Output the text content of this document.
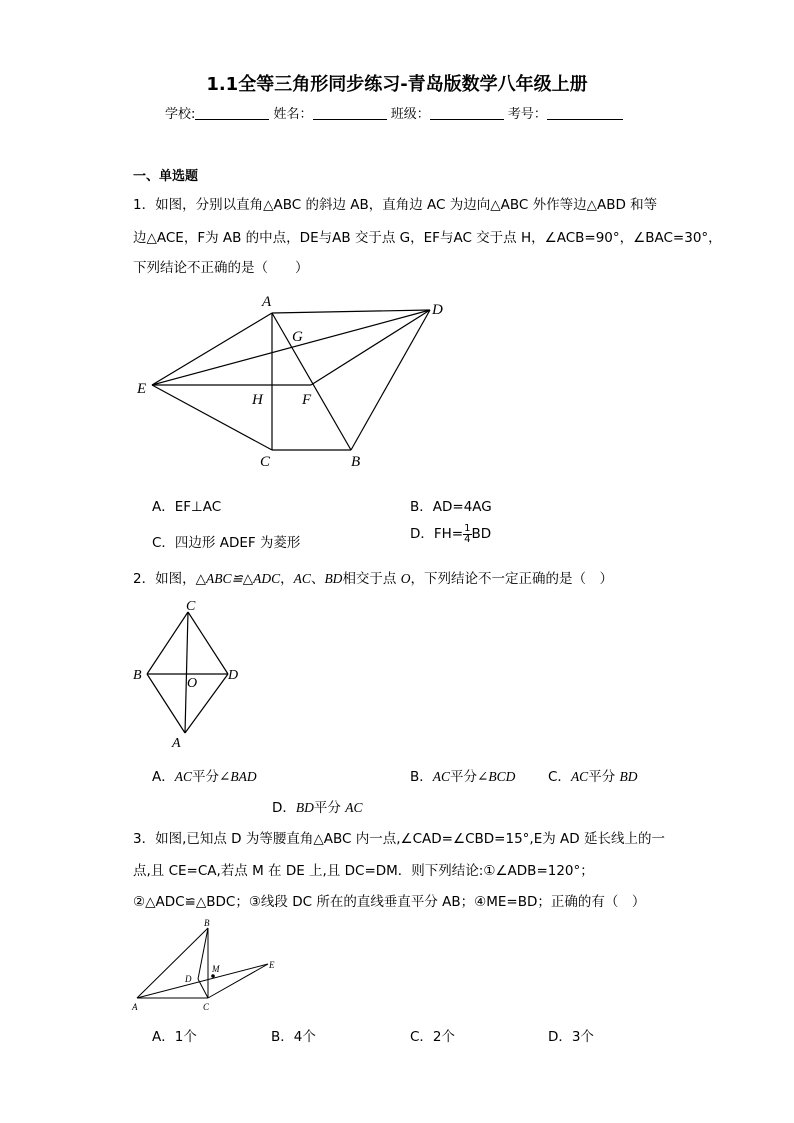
1.1全等三角形同步练习-青岛版数学八年级上册
学校:	姓名：	班级：	考号：
一、单选题
1．如图，分别以直角△ABC 的斜边 AB，直角边 AC 为边向△ABC 外作等边△ABD 和等
边△ACE，F为 AB 的中点，DE与AB 交于点 G，EF与AC 交于点 H，∠ACB=90°，∠BAC=30°，
下列结论不正确的是（　　）
A	D
G
E
H	F
C	B
A．EF⊥AC	B．AD=4AG
C．四边形 ADEF 为菱形
D．$FH= \frac{1}{4}$ BD
2．如图，△ABC≌△ADC，AC、BD相交于点 O，下列结论不一定正确的是（　）
C
B
O
D
A
A．AC平分∠BAD	B．AC平分∠BCD C．AC平分 BD
D．BD平分 AC
3．如图,已知点 D 为等腰直角△ABC 内一点,∠CAD=∠CBD=15°,E为 AD 延长线上的一
点,且 CE=CA,若点 M 在 DE 上,且 DC=DM．则下列结论:①∠ADB=120°；
②△ADC≌△BDC；③线段 DC 所在的直线垂直平分 AB；④ME=BD；正确的有（　）
B
M	E
D
A	C
A．1个	B．4个	C．2个	D．3个
